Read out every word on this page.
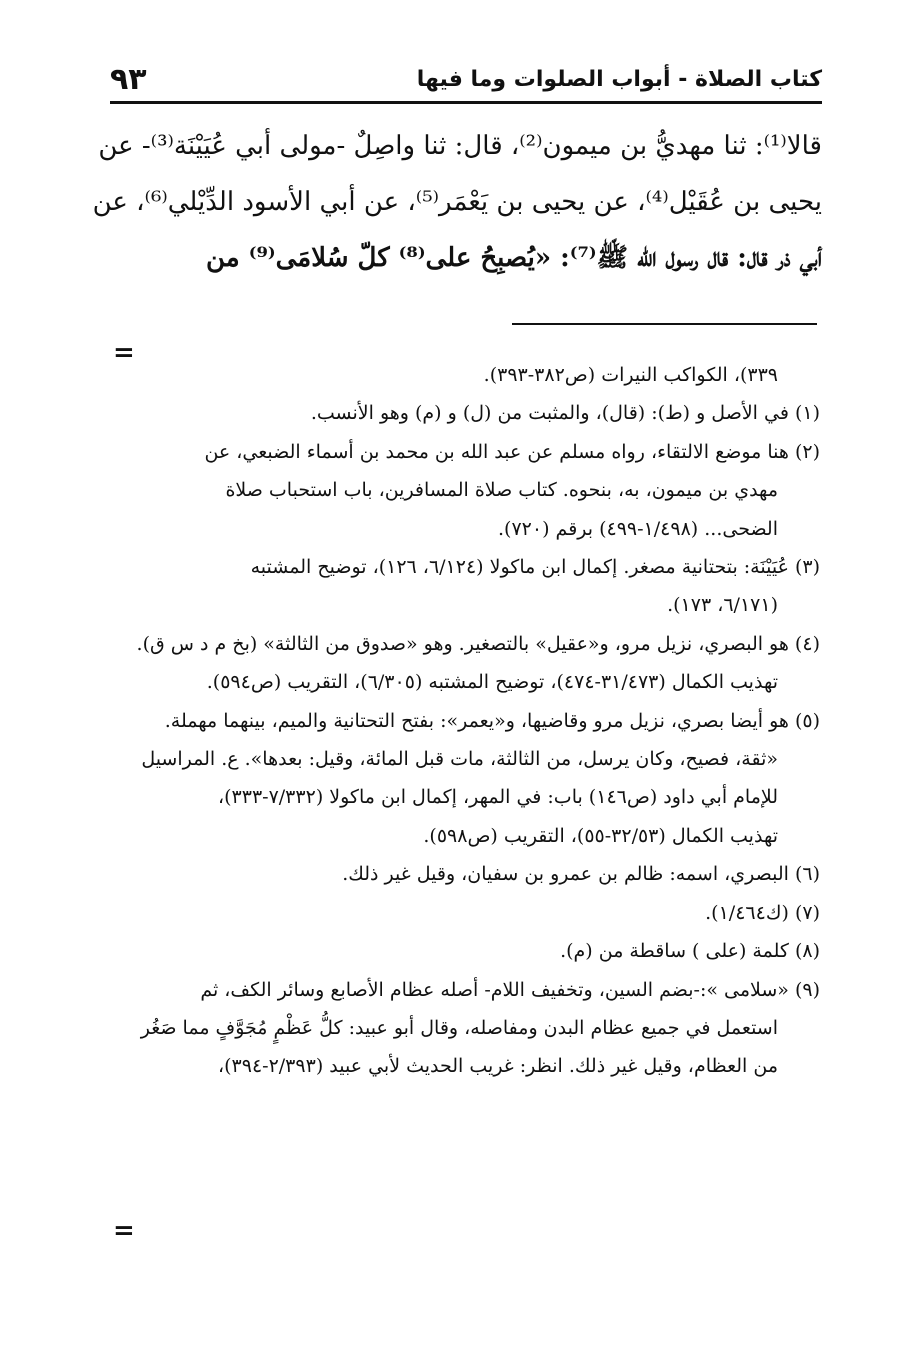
٩٣	كتاب الصلاة - أبواب الصلوات وما فيها

قالا⁽¹⁾: ثنا مهديُّ بن ميمون⁽²⁾، قال: ثنا واصِلٌ -مولى أبي عُيَيْنَة⁽³⁾- عن

يحيى بن عُقَيْل⁽⁴⁾، عن يحيى بن يَعْمَر⁽⁵⁾، عن أبي الأسود الدِّيْلي⁽⁶⁾، عن

أبي ذر قال: قال رسول الله ﷺ⁽⁷⁾: «يُصبِحُ على⁽⁸⁾ كلّ سُلامَى⁽⁹⁾ من

=

٣٣٩)، الكواكب النيرات (ص٣٨٢-٣٩٣).

(١) في الأصل و (ط): (قال)، والمثبت من (ل) و (م) وهو الأنسب.

(٢) هنا موضع الالتقاء، رواه مسلم عن عبد الله بن محمد بن أسماء الضبعي، عن

مهدي بن ميمون، به، بنحوه. كتاب صلاة المسافرين، باب استحباب صلاة

الضحى... (١/٤٩٨-٤٩٩) برقم (٧٢٠).

(٣) عُيَيْنَة: بتحتانية مصغر. إكمال ابن ماكولا (٦/١٢٤، ١٢٦)، توضيح المشتبه

(٦/١٧١، ١٧٣).

(٤) هو البصري، نزيل مرو، و«عقيل» بالتصغير. وهو «صدوق من الثالثة» (بخ م د س ق).

تهذيب الكمال (٣١/٤٧٣-٤٧٤)، توضيح المشتبه (٦/٣٠٥)، التقريب (ص٥٩٤).

(٥) هو أيضا بصري، نزيل مرو وقاضيها، و«يعمر»: بفتح التحتانية والميم، بينهما مهملة.

«ثقة، فصيح، وكان يرسل، من الثالثة، مات قبل المائة، وقيل: بعدها». ع. المراسيل

للإمام أبي داود (ص١٤٦) باب: في المهر، إكمال ابن ماكولا (٧/٣٣٢-٣٣٣)،

تهذيب الكمال (٣٢/٥٣-٥٥)، التقريب (ص٥٩٨).

(٦) البصري، اسمه: ظالم بن عمرو بن سفيان، وقيل غير ذلك.

(٧) (ك١/٤٦٤).

(٨) كلمة (على ) ساقطة من (م).

(٩) «سلامى »:-بضم السين، وتخفيف اللام- أصله عظام الأصابع وسائر الكف، ثم

استعمل في جميع عظام البدن ومفاصله، وقال أبو عبيد: كلُّ عَظْمٍ مُجَوَّفٍ مما صَغُر

من العظام، وقيل غير ذلك. انظر: غريب الحديث لأبي عبيد (٢/٣٩٣-٣٩٤)،

=
